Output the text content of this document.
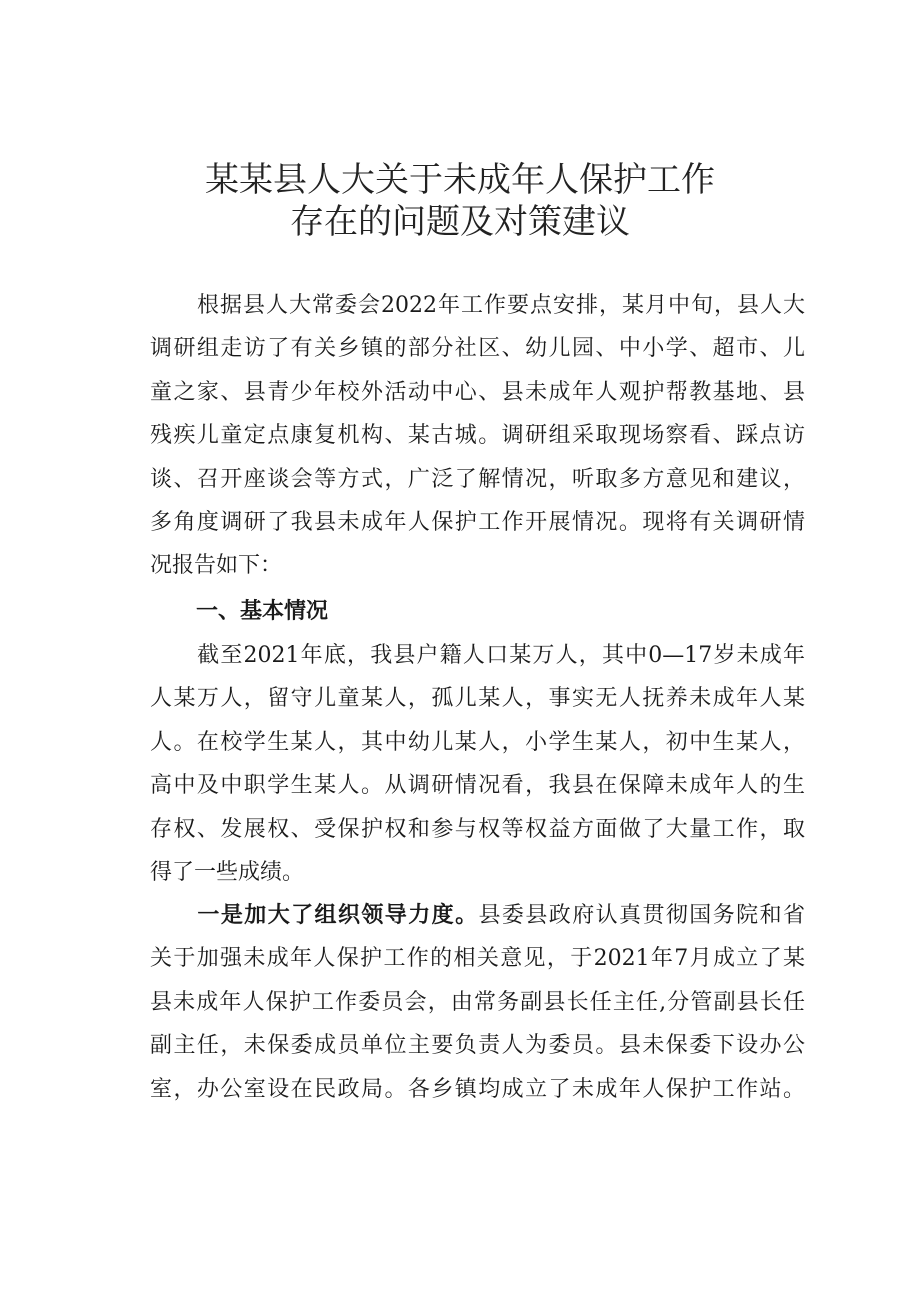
某某县人大关于未成年人保护工作
存在的问题及对策建议
根据县人大常委会2022年工作要点安排，某月中旬，县人大
调研组走访了有关乡镇的部分社区、幼儿园、中小学、超市、儿
童之家、县青少年校外活动中心、县未成年人观护帮教基地、县
残疾儿童定点康复机构、某古城。调研组采取现场察看、踩点访
谈、召开座谈会等方式，广泛了解情况，听取多方意见和建议，
多角度调研了我县未成年人保护工作开展情况。现将有关调研情
况报告如下：
一、基本情况
截至2021年底，我县户籍人口某万人，其中0—17岁未成年
人某万人，留守儿童某人，孤儿某人，事实无人抚养未成年人某
人。在校学生某人，其中幼儿某人，小学生某人，初中生某人，
高中及中职学生某人。从调研情况看，我县在保障未成年人的生
存权、发展权、受保护权和参与权等权益方面做了大量工作，取
得了一些成绩。
一是加大了组织领导力度。县委县政府认真贯彻国务院和省
关于加强未成年人保护工作的相关意见，于2021年7月成立了某
县未成年人保护工作委员会，由常务副县长任主任,分管副县长任
副主任，未保委成员单位主要负责人为委员。县未保委下设办公
室，办公室设在民政局。各乡镇均成立了未成年人保护工作站。
